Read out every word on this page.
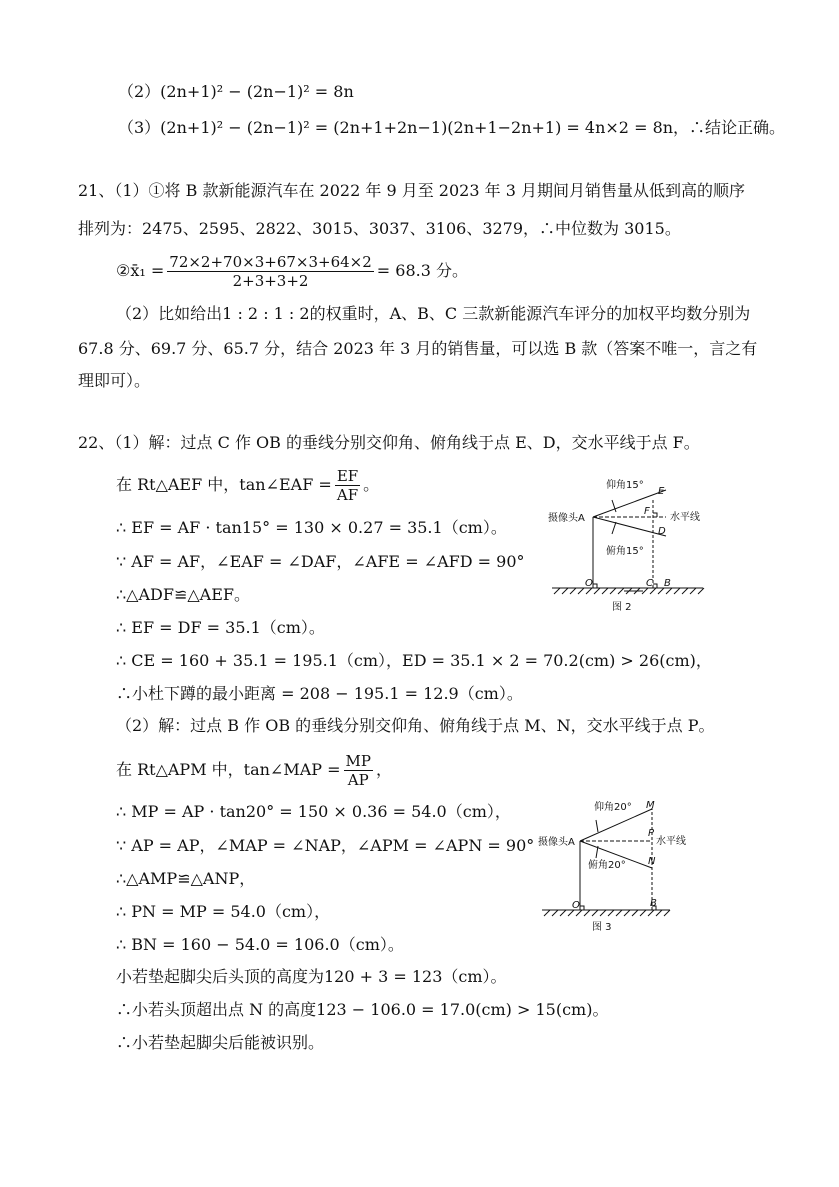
（2）(2n+1)² − (2n−1)² = 8n
（3）(2n+1)² − (2n−1)² = (2n+1+2n−1)(2n+1−2n+1) = 4n×2 = 8n，∴结论正确。
21、（1）①将 B 款新能源汽车在 2022 年 9 月至 2023 年 3 月期间月销售量从低到高的顺序
排列为：2475、2595、2822、3015、3037、3106、3279，∴中位数为 3015。
②x̄₁ = $\frac{72\times 2+70\times 3+67\times 3+64\times 2}{2+3+3+2} = 68.3$ 分。
（2）比如给出1 : 2 : 1 : 2的权重时，A、B、C 三款新能源汽车评分的加权平均数分别为
67.8 分、69.7 分、65.7 分，结合 2023 年 3 月的销售量，可以选 B 款（答案不唯一，言之有
理即可）。
22、（1）解：过点 C 作 OB 的垂线分别交仰角、俯角线于点 E、D，交水平线于点 F。
在 Rt△AEF 中，tan∠EAF = $\frac{EF}{AF}$ 。
∴ EF = AF · tan15° = 130 × 0.27 = 35.1（cm）。
∵ AF = AF，∠EAF = ∠DAF，∠AFE = ∠AFD = 90°
∴△ADF≌△AEF。
∴ EF = DF = 35.1（cm）。
∴ CE = 160 + 35.1 = 195.1（cm），ED = 35.1 × 2 = 70.2(cm) > 26(cm)，
∴小杜下蹲的最小距离 = 208 − 195.1 = 12.9（cm）。
（2）解：过点 B 作 OB 的垂线分别交仰角、俯角线于点 M、N，交水平线于点 P。
在 Rt△APM 中，tan∠MAP = $\frac{MP}{AP}$ ，
∴ MP = AP · tan20° = 150 × 0.36 = 54.0（cm），
∵ AP = AP，∠MAP = ∠NAP，∠APM = ∠APN = 90°
∴△AMP≌△ANP，
∴ PN = MP = 54.0（cm），
∴ BN = 160 − 54.0 = 106.0（cm）。
小若垫起脚尖后头顶的高度为120 + 3 = 123（cm）。
∴小若头顶超出点 N 的高度123 − 106.0 = 17.0(cm) > 15(cm)。
∴小若垫起脚尖后能被识别。
仰角15°
俯角15°
摄像头A	水平线
E
F
D
O	C B
图 2
仰角20°
俯角20°
摄像头A	水平线
M
P
N
O	B
图 3
